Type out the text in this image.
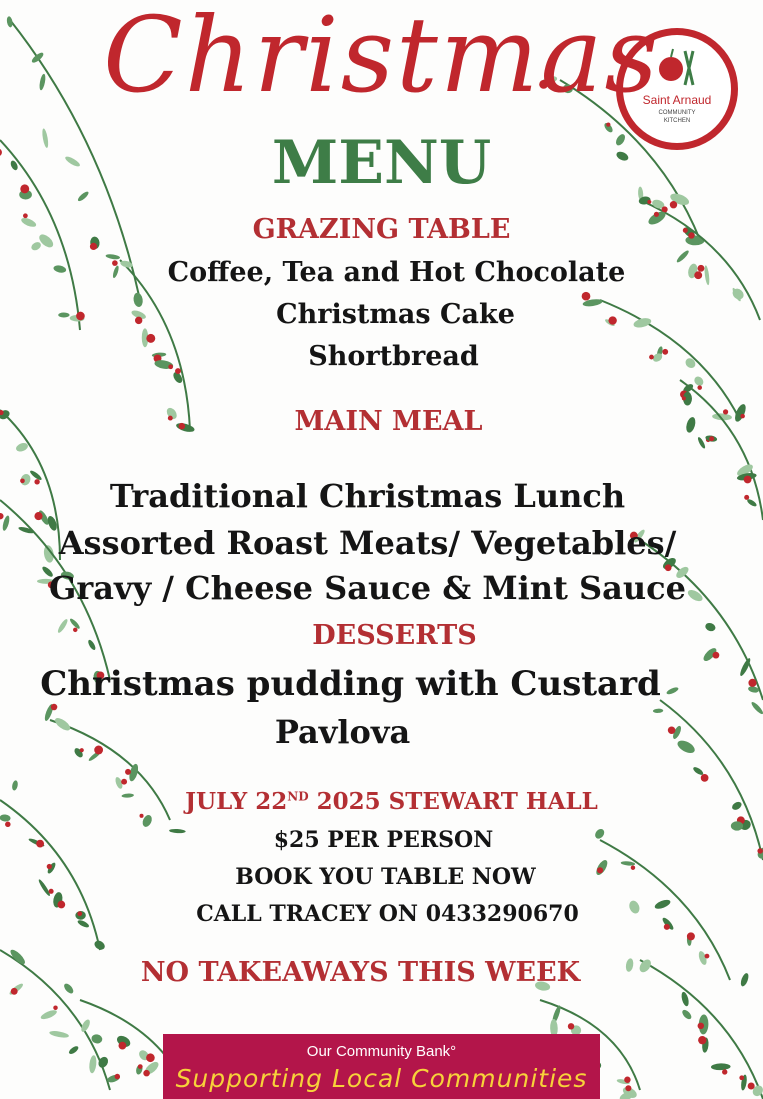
Saint Arnaud
COMMUNITY
KITCHEN
Christmas
MENU
GRAZING TABLE
Coffee, Tea and Hot Chocolate
Christmas Cake
Shortbread
MAIN MEAL
Traditional Christmas Lunch
Assorted Roast Meats/ Vegetables/
Gravy / Cheese Sauce & Mint Sauce
DESSERTS
Christmas pudding with Custard
Pavlova
JULY 22ND 2025 STEWART HALL
$25 PER PERSON
BOOK YOU TABLE NOW
CALL TRACEY ON 0433290670
NO TAKEAWAYS THIS WEEK
Our Community Bank°
Supporting Local Communities
